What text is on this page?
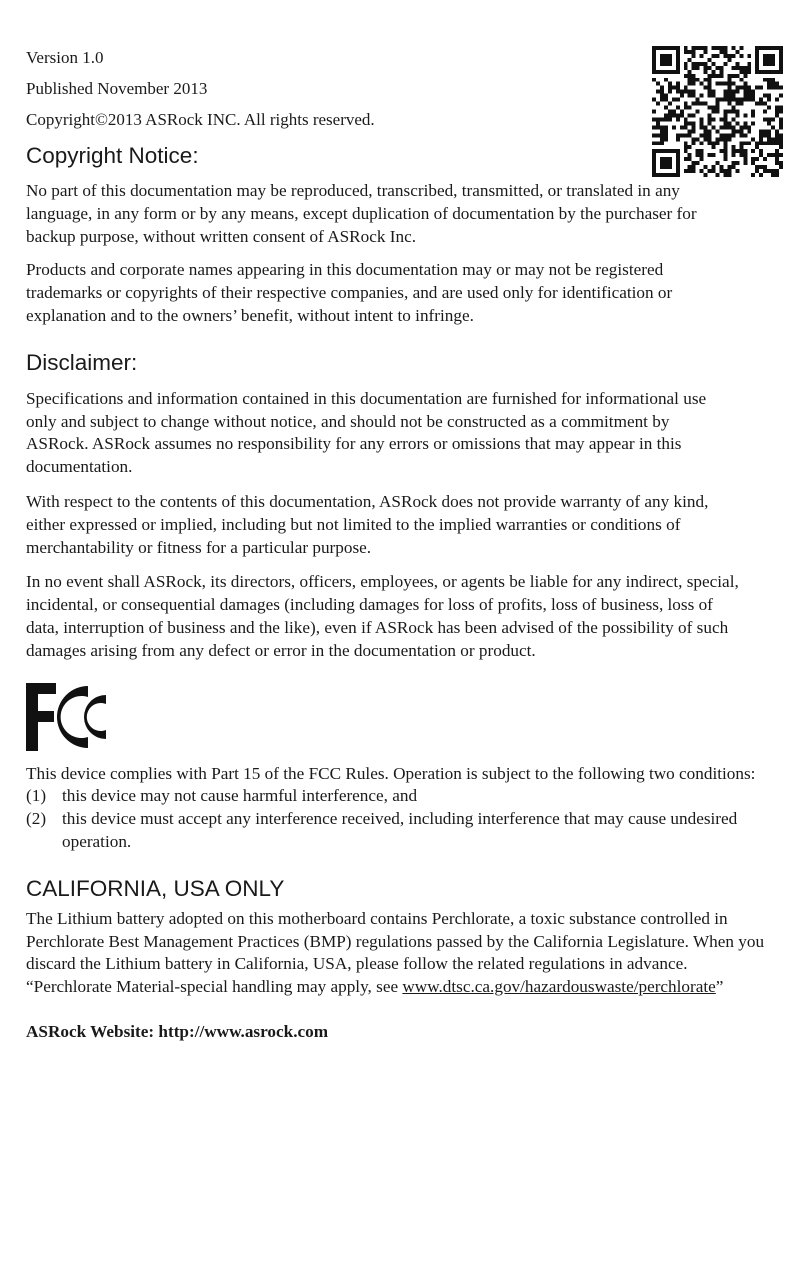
Version 1.0
Published November 2013
Copyright©2013 ASRock INC. All rights reserved.
Copyright Notice:

No part of this documentation may be reproduced, transcribed, transmitted, or translated in any language, in any form or by any means, except duplication of documentation by the purchaser for backup purpose, without written consent of ASRock Inc.

Products and corporate names appearing in this documentation may or may not be registered trademarks or copyrights of their respective companies, and are used only for identification or explanation and to the owners’ benefit, without intent to infringe.

Disclaimer:

Specifications and information contained in this documentation are furnished for informational use only and subject to change without notice, and should not be constructed as a commitment by ASRock. ASRock assumes no responsibility for any errors or omissions that may appear in this documentation.

With respect to the contents of this documentation, ASRock does not provide warranty of any kind, either expressed or implied, including but not limited to the implied warranties or conditions of merchantability or fitness for a particular purpose.

In no event shall ASRock, its directors, officers, employees, or agents be liable for any indirect, special, incidental, or consequential damages (including damages for loss of profits, loss of business, loss of data, interruption of business and the like), even if ASRock has been advised of the possibility of such damages arising from any defect or error in the documentation or product.

This device complies with Part 15 of the FCC Rules. Operation is subject to the following two conditions:

(1) this device may not cause harmful interference, and
(2) this device must accept any interference received, including interference that may cause undesired operation.
CALIFORNIA, USA ONLY

The Lithium battery adopted on this motherboard contains Perchlorate, a toxic substance controlled in Perchlorate Best Management Practices (BMP) regulations passed by the California Legislature. When you discard the Lithium battery in California, USA, please follow the related regulations in advance.

“Perchlorate Material-special handling may apply, see www.dtsc.ca.gov/hazardouswaste/perchlorate”

ASRock Website: http://www.asrock.com
